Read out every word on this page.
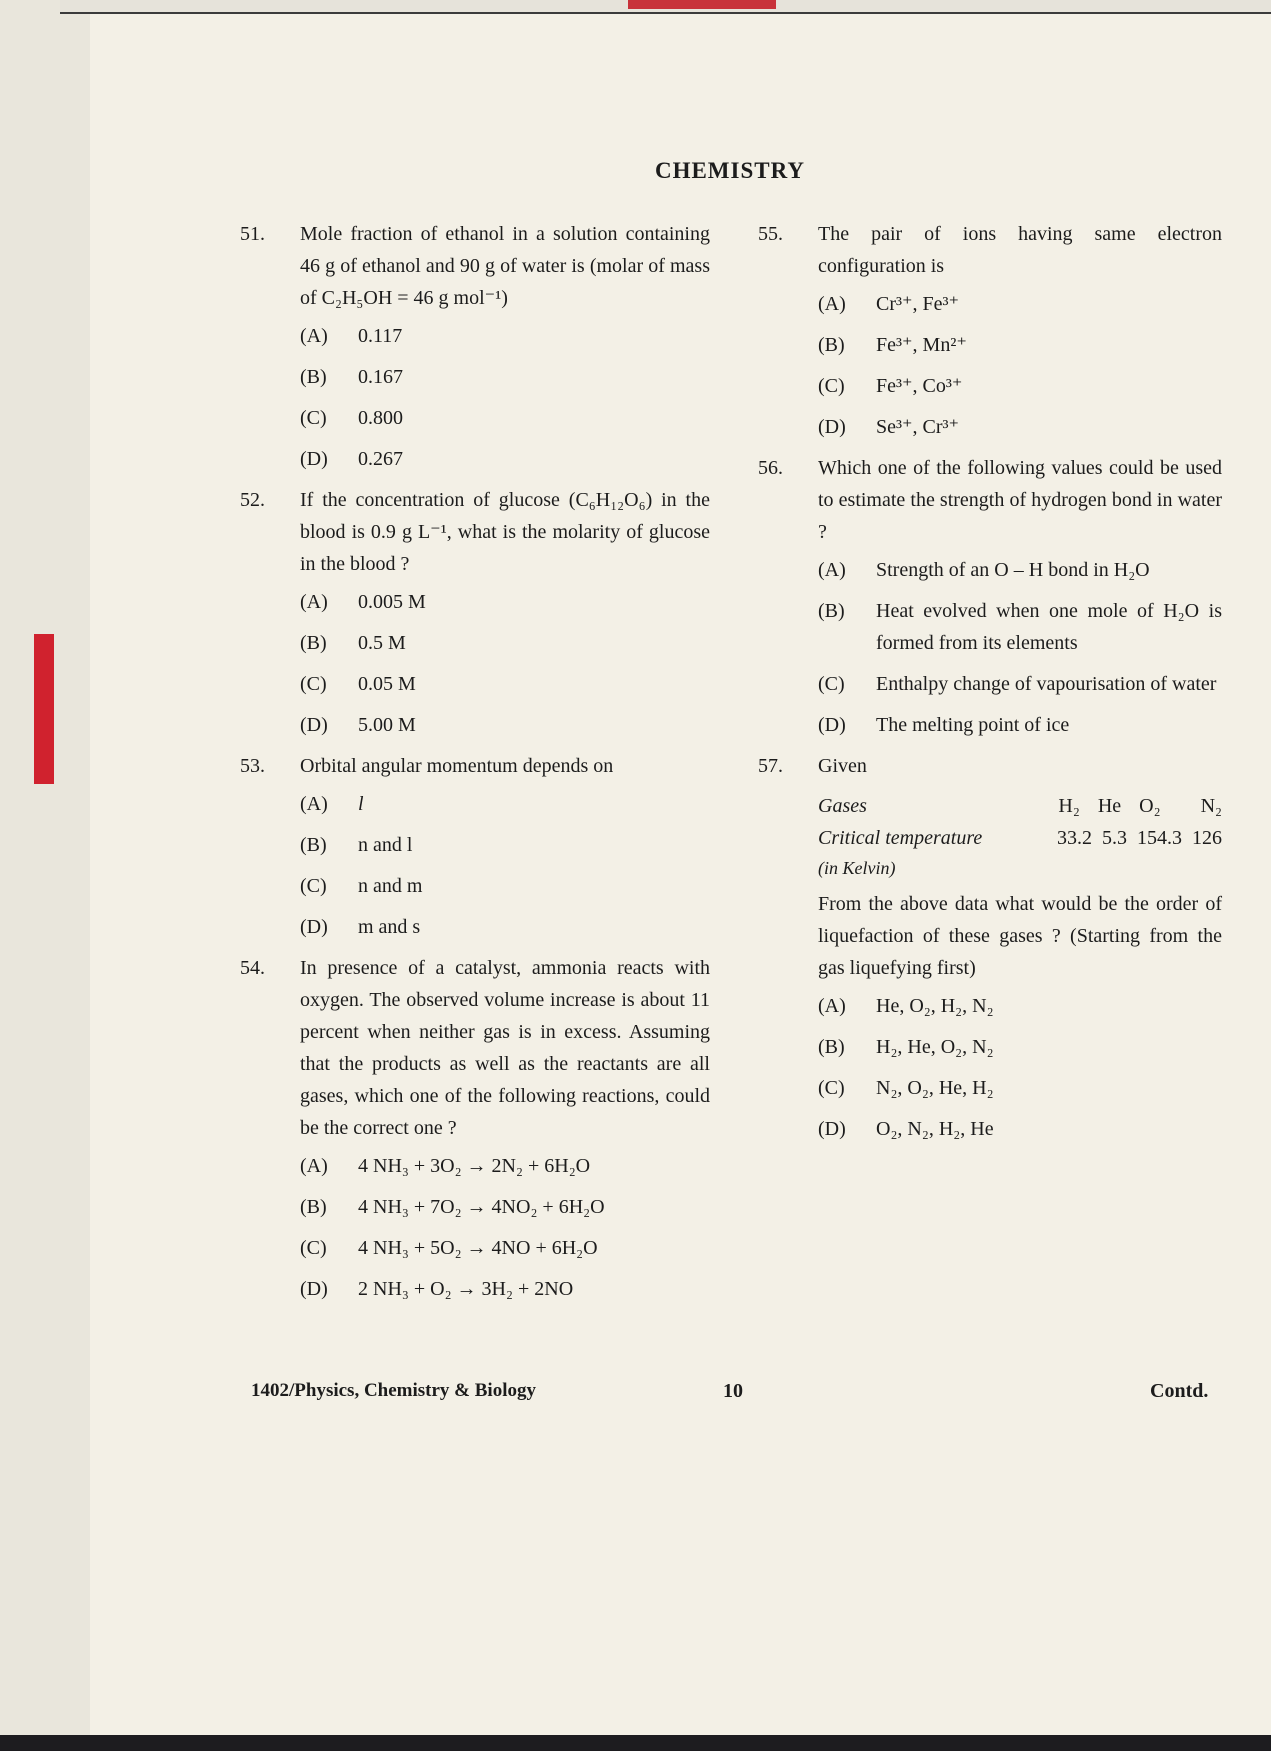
CHEMISTRY
51.	Mole fraction of ethanol in a solution containing 46 g of ethanol and 90 g of water is (molar of mass of C₂H₅OH = 46 g mol⁻¹)
(A) 0.117
(B) 0.167
(C) 0.800
(D) 0.267
52.	If the concentration of glucose (C₆H₁₂O₆) in the blood is 0.9 g L⁻¹, what is the molarity of glucose in the blood ?
(A) 0.005 M
(B) 0.5 M
(C) 0.05 M
(D) 5.00 M
53.	Orbital angular momentum depends on
(A) l
(B) n and l
(C) n and m
(D) m and s
54.	In presence of a catalyst, ammonia reacts with oxygen. The observed volume increase is about 11 percent when neither gas is in excess. Assuming that the products as well as the reactants are all gases, which one of the following reactions, could be the correct one ?
(A) 4 NH₃ + 3O₂ → 2N₂ + 6H₂O
(B) 4 NH₃ + 7O₂ → 4NO₂ + 6H₂O
(C) 4 NH₃ + 5O₂ → 4NO + 6H₂O
(D) 2 NH₃ + O₂ → 3H₂ + 2NO
55.	The pair of ions having same electron configuration is
(A) Cr³⁺, Fe³⁺
(B) Fe³⁺, Mn²⁺
(C) Fe³⁺, Co³⁺
(D) Se³⁺, Cr³⁺
56.	Which one of the following values could be used to estimate the strength of hydrogen bond in water ?
(A) Strength of an O – H bond in H₂O
(B) Heat evolved when one mole of H₂O is formed from its elements
(C) Enthalpy change of vapourisation of water
(D) The melting point of ice
57.	Given
Gases	H₂ He O₂ N₂
Critical temperature	33.2 5.3 154.3 126
(in Kelvin)
From the above data what would be the order of liquefaction of these gases ? (Starting from the gas liquefying first)
(A) He, O₂, H₂, N₂
(B) H₂, He, O₂, N₂
(C) N₂, O₂, He, H₂
(D) O₂, N₂, H₂, He
1402/Physics, Chemistry & Biology	10	Contd.
